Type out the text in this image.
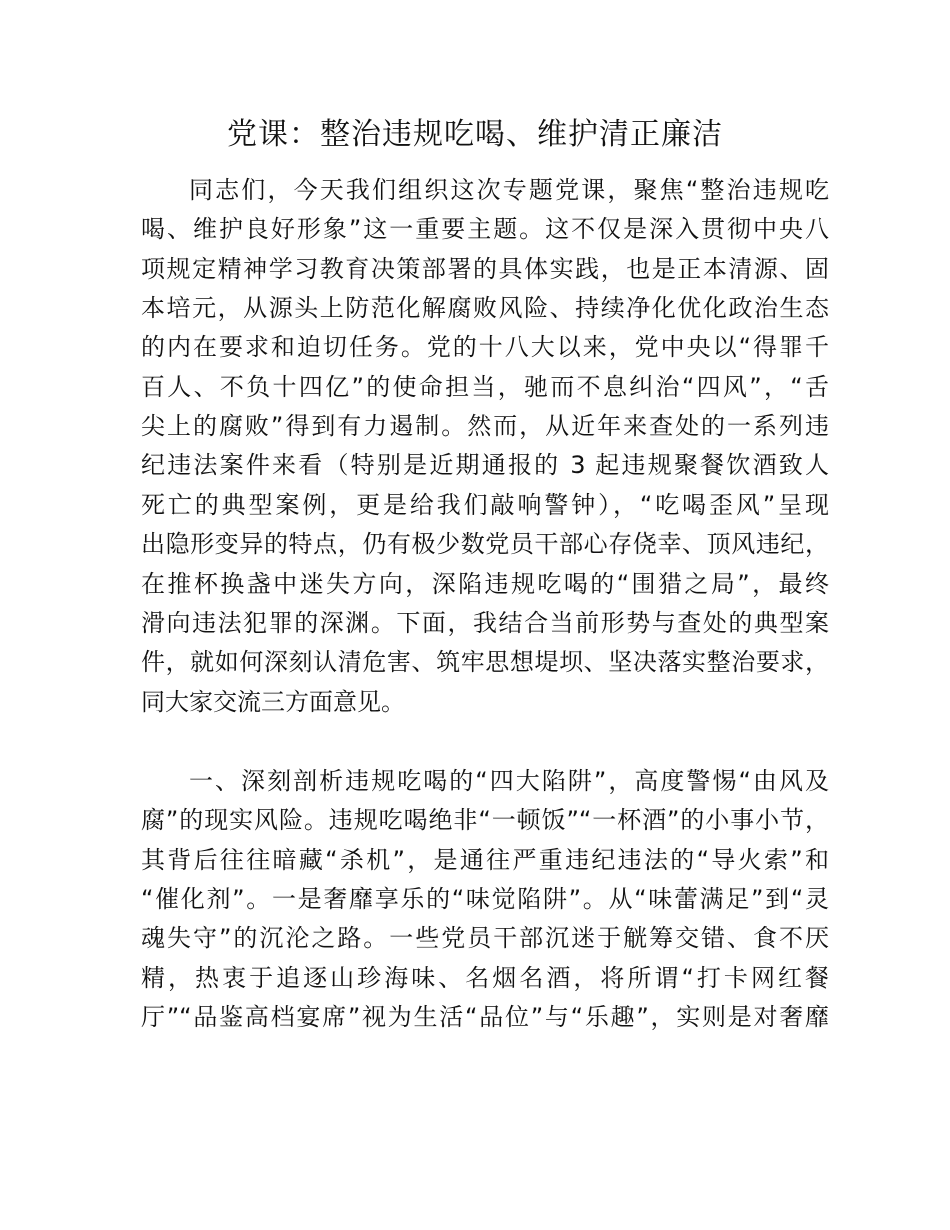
党课：整治违规吃喝、维护清正廉洁
同志们，今天我们组织这次专题党课，聚焦“整治违规吃
喝、维护良好形象”这一重要主题。这不仅是深入贯彻中央八
项规定精神学习教育决策部署的具体实践，也是正本清源、固
本培元，从源头上防范化解腐败风险、持续净化优化政治生态
的内在要求和迫切任务。党的十八大以来，党中央以“得罪千
百人、不负十四亿”的使命担当，驰而不息纠治“四风”，“舌
尖上的腐败”得到有力遏制。然而，从近年来查处的一系列违
纪违法案件来看（特别是近期通报的 3 起违规聚餐饮酒致人
死亡的典型案例，更是给我们敲响警钟），“吃喝歪风”呈现
出隐形变异的特点，仍有极少数党员干部心存侥幸、顶风违纪，
在推杯换盏中迷失方向，深陷违规吃喝的“围猎之局”，最终
滑向违法犯罪的深渊。下面，我结合当前形势与查处的典型案
件，就如何深刻认清危害、筑牢思想堤坝、坚决落实整治要求，
同大家交流三方面意见。
一、深刻剖析违规吃喝的“四大陷阱”，高度警惕“由风及
腐”的现实风险。违规吃喝绝非“一顿饭”“一杯酒”的小事小节，
其背后往往暗藏“杀机”，是通往严重违纪违法的“导火索”和
“催化剂”。一是奢靡享乐的“味觉陷阱”。从“味蕾满足”到“灵
魂失守”的沉沦之路。一些党员干部沉迷于觥筹交错、食不厌
精，热衷于追逐山珍海味、名烟名酒，将所谓“打卡网红餐
厅”“品鉴高档宴席”视为生活“品位”与“乐趣”，实则是对奢靡
